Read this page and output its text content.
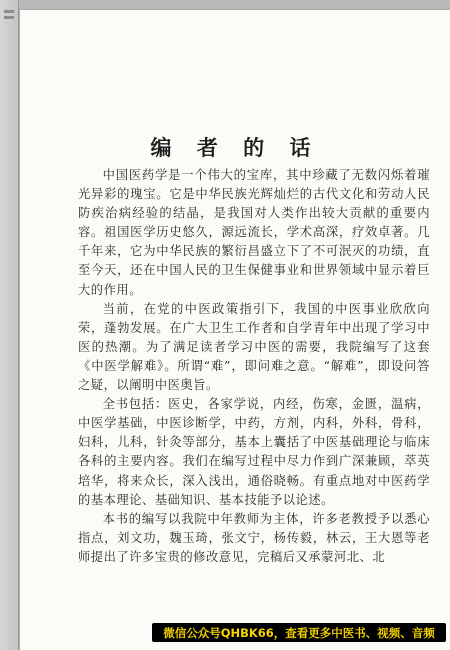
编 者 的 话

中国医药学是一个伟大的宝库，其中珍藏了无数闪烁着璀光异彩的瑰宝。它是中华民族光辉灿烂的古代文化和劳动人民防疾治病经验的结晶，是我国对人类作出较大贡献的重要内容。祖国医学历史悠久，源远流长，学术高深，疗效卓著。几千年来，它为中华民族的繁衍昌盛立下了不可泯灭的功绩，直至今天，还在中国人民的卫生保健事业和世界领域中显示着巨大的作用。

当前，在党的中医政策指引下，我国的中医事业欣欣向荣，蓬勃发展。在广大卫生工作者和自学青年中出现了学习中医的热潮。为了满足读者学习中医的需要，我院编写了这套《中医学解难》。所谓“难”，即问难之意。“解难”，即设问答之疑，以阐明中医奥旨。

全书包括：医史，各家学说，内经，伤寒，金匮，温病，中医学基础，中医诊断学，中药，方剂，内科，外科，骨科，妇科，儿科，针灸等部分，基本上囊括了中医基础理论与临床各科的主要内容。我们在编写过程中尽力作到广深兼顾，萃英培华，将来众长，深入浅出，通俗晓畅。有重点地对中医药学的基本理论、基础知识、基本技能予以论述。

本书的编写以我院中年教师为主体，许多老教授予以悉心指点，刘文功，魏玉琦，张文宁，杨传毅，林云，王大恩等老师提出了许多宝贵的修改意见，完稿后又承蒙河北、北

微信公众号QHBK66，查看更多中医书、视频、音频
